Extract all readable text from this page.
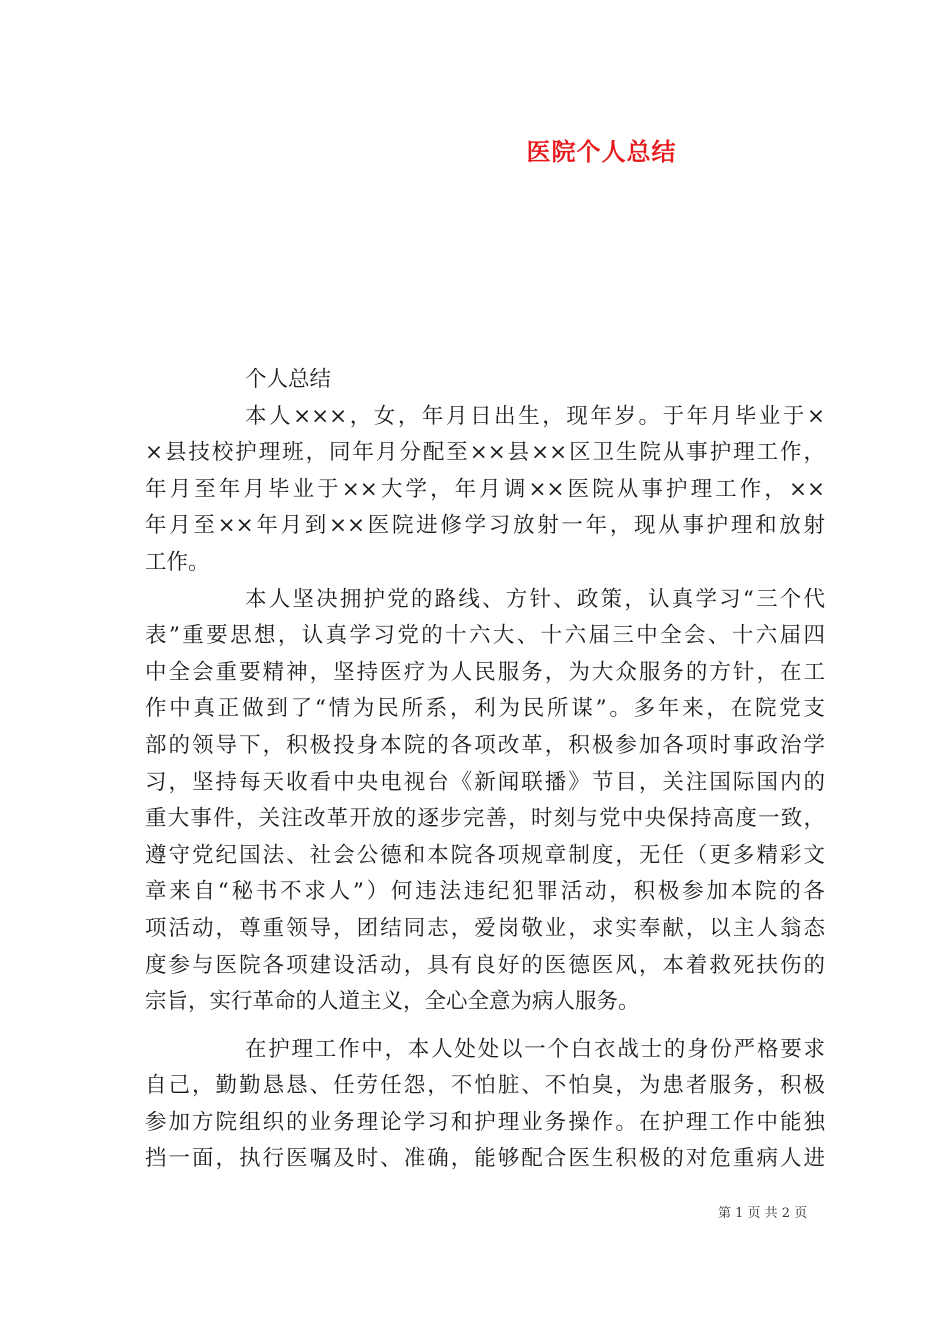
医院个人总结
个人总结
本人×××，女，年月日出生，现年岁。于年月毕业于×
×县技校护理班，同年月分配至××县××区卫生院从事护理工作，
年月至年月毕业于××大学，年月调××医院从事护理工作，××
年月至××年月到××医院进修学习放射一年，现从事护理和放射
工作。
本人坚决拥护党的路线、方针、政策，认真学习“三个代
表”重要思想，认真学习党的十六大、十六届三中全会、十六届四
中全会重要精神，坚持医疗为人民服务，为大众服务的方针，在工
作中真正做到了“情为民所系，利为民所谋”。多年来，在院党支
部的领导下，积极投身本院的各项改革，积极参加各项时事政治学
习，坚持每天收看中央电视台《新闻联播》节目，关注国际国内的
重大事件，关注改革开放的逐步完善，时刻与党中央保持高度一致，
遵守党纪国法、社会公德和本院各项规章制度，无任（更多精彩文
章来自“秘书不求人”）何违法违纪犯罪活动，积极参加本院的各
项活动，尊重领导，团结同志，爱岗敬业，求实奉献，以主人翁态
度参与医院各项建设活动，具有良好的医德医风，本着救死扶伤的
宗旨，实行革命的人道主义，全心全意为病人服务。
在护理工作中，本人处处以一个白衣战士的身份严格要求
自己，勤勤恳恳、任劳任怨，不怕脏、不怕臭，为患者服务，积极
参加方院组织的业务理论学习和护理业务操作。在护理工作中能独
挡一面，执行医嘱及时、准确，能够配合医生积极的对危重病人进
第 1 页 共 2 页
